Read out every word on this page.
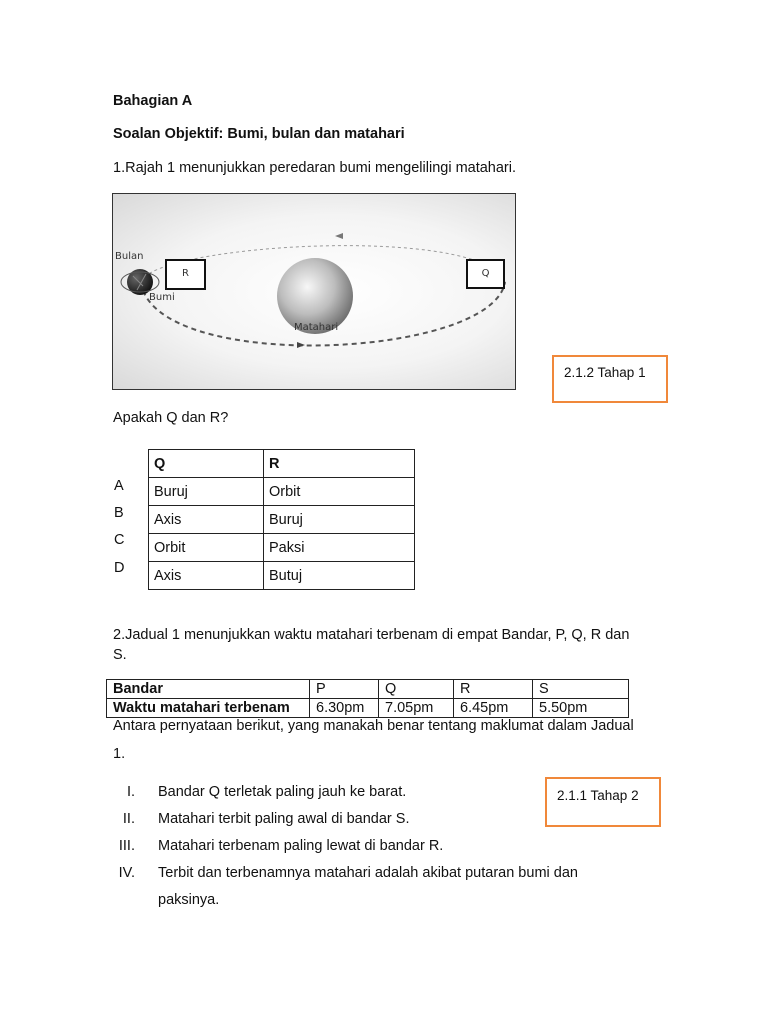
Bahagian A
Soalan Objektif: Bumi, bulan dan matahari
1.Rajah 1 menunjukkan peredaran bumi mengelilingi matahari.
Bulan
Bumi
Matahari
R	Q
2.1.2 Tahap 1
Apakah Q dan R?
A
B
C
D
Q	R
Buruj	Orbit
Axis	Buruj
Orbit	Paksi
Axis	Butuj
2.Jadual 1 menunjukkan waktu matahari terbenam di empat Bandar, P, Q, R dan
S.
Bandar	P	Q	R	S
Waktu matahari terbenam	6.30pm	7.05pm	6.45pm	5.50pm
Antara pernyataan berikut, yang manakah benar tentang maklumat dalam Jadual
1.
2.1.1 Tahap 2
I. Bandar Q terletak paling jauh ke barat.
II. Matahari terbit paling awal di bandar S.
III. Matahari terbenam paling lewat di bandar R.
IV. Terbit dan terbenamnya matahari adalah akibat putaran bumi dan
paksinya.
